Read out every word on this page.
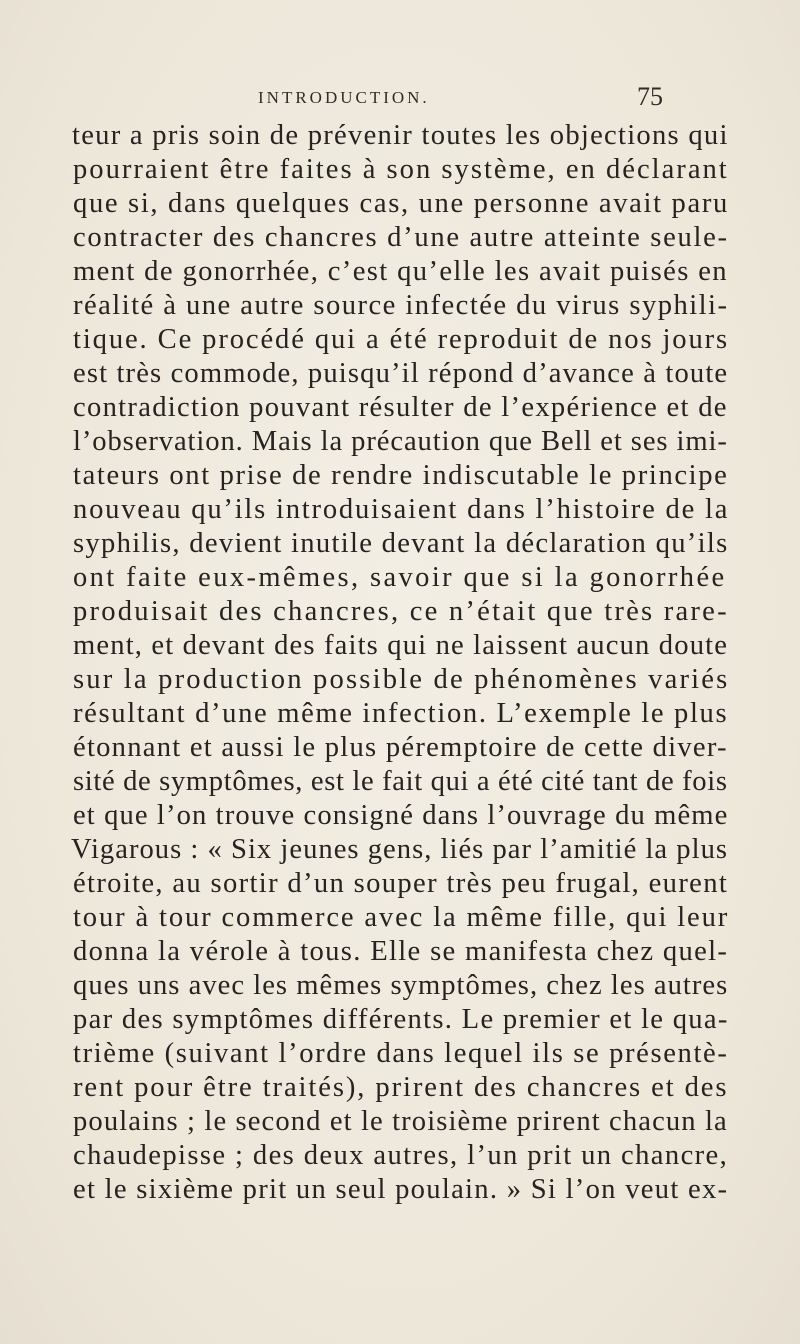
INTRODUCTION.	75
teur a pris soin de prévenir toutes les objections qui
pourraient être faites à son système, en déclarant
que si, dans quelques cas, une personne avait paru
contracter des chancres d’une autre atteinte seule-
ment de gonorrhée, c’est qu’elle les avait puisés en
réalité à une autre source infectée du virus syphili-
tique. Ce procédé qui a été reproduit de nos jours
est très commode, puisqu’il répond d’avance à toute
contradiction pouvant résulter de l’expérience et de
l’observation. Mais la précaution que Bell et ses imi-
tateurs ont prise de rendre indiscutable le principe
nouveau qu’ils introduisaient dans l’histoire de la
syphilis, devient inutile devant la déclaration qu’ils
ont faite eux-mêmes, savoir que si la gonorrhée
produisait des chancres, ce n’était que très rare-
ment, et devant des faits qui ne laissent aucun doute
sur la production possible de phénomènes variés
résultant d’une même infection. L’exemple le plus
étonnant et aussi le plus péremptoire de cette diver-
sité de symptômes, est le fait qui a été cité tant de fois
et que l’on trouve consigné dans l’ouvrage du même
Vigarous : « Six jeunes gens, liés par l’amitié la plus
étroite, au sortir d’un souper très peu frugal, eurent
tour à tour commerce avec la même fille, qui leur
donna la vérole à tous. Elle se manifesta chez quel-
ques uns avec les mêmes symptômes, chez les autres
par des symptômes différents. Le premier et le qua-
trième (suivant l’ordre dans lequel ils se présentè-
rent pour être traités), prirent des chancres et des
poulains ; le second et le troisième prirent chacun la
chaudepisse ; des deux autres, l’un prit un chancre,
et le sixième prit un seul poulain. » Si l’on veut ex-
